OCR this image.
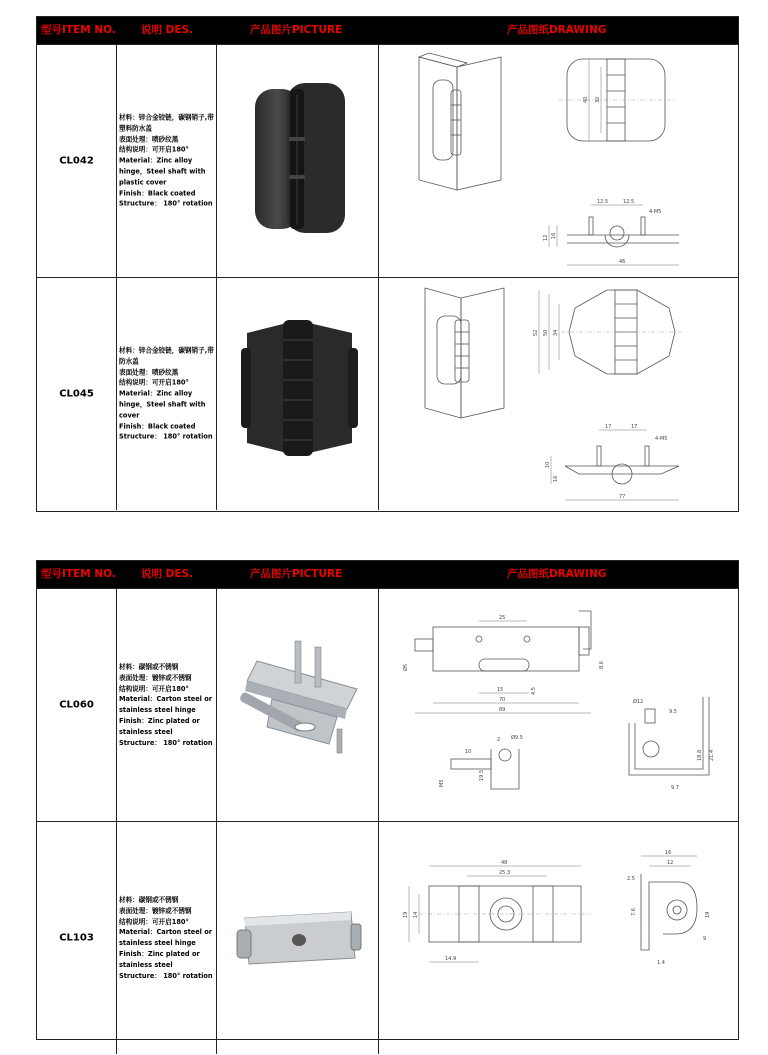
型号ITEM NO. 说明 DES.	产品图片PICTURE	产品图纸DRAWING
CL042
材料：锌合金铰链，碳钢销子,带塑料防水盖
表面处理：喷砂纹黑
结构说明：可开启180°
Material：Zinc alloy hinge，Steel shaft with plastic cover
Finish：Black coated
Structure： 180° rotation
40 32
12.5	12.5
4-M5
12 16
46
CL045
材料：锌合金铰链，碳钢销子,带防水盖
表面处理：喷砂纹黑
结构说明：可开启180°
Material：Zinc alloy hinge，Steel shaft with cover
Finish：Black coated
Structure： 180° rotation
52 50 34
17	17
4-M5
10
16
77
型号ITEM NO. 说明 DES.	产品图片PICTURE	产品图纸DRAWING
CL060
材料：碳钢或不锈钢
表面处理：镀锌或不锈钢
结构说明：可开启180°
Material：Carton steel or stainless steel hinge
Finish：Zinc plated or stainless steel
Structure： 180° rotation
25
Ø5	8.6
15	4.5
70
89
10
2 Ø9.5
19.5
M5
9.5
Ø12
18.8 21.4
9.7
CL103
材料：碳钢或不锈钢
表面处理：镀锌或不锈钢
结构说明：可开启180°
Material：Carton steel or stainless steel hinge
Finish：Zinc plated or stainless steel
Structure： 180° rotation
48
25.3
19 14
14.9
16
12
2.5
7.6	19
9
1.4
